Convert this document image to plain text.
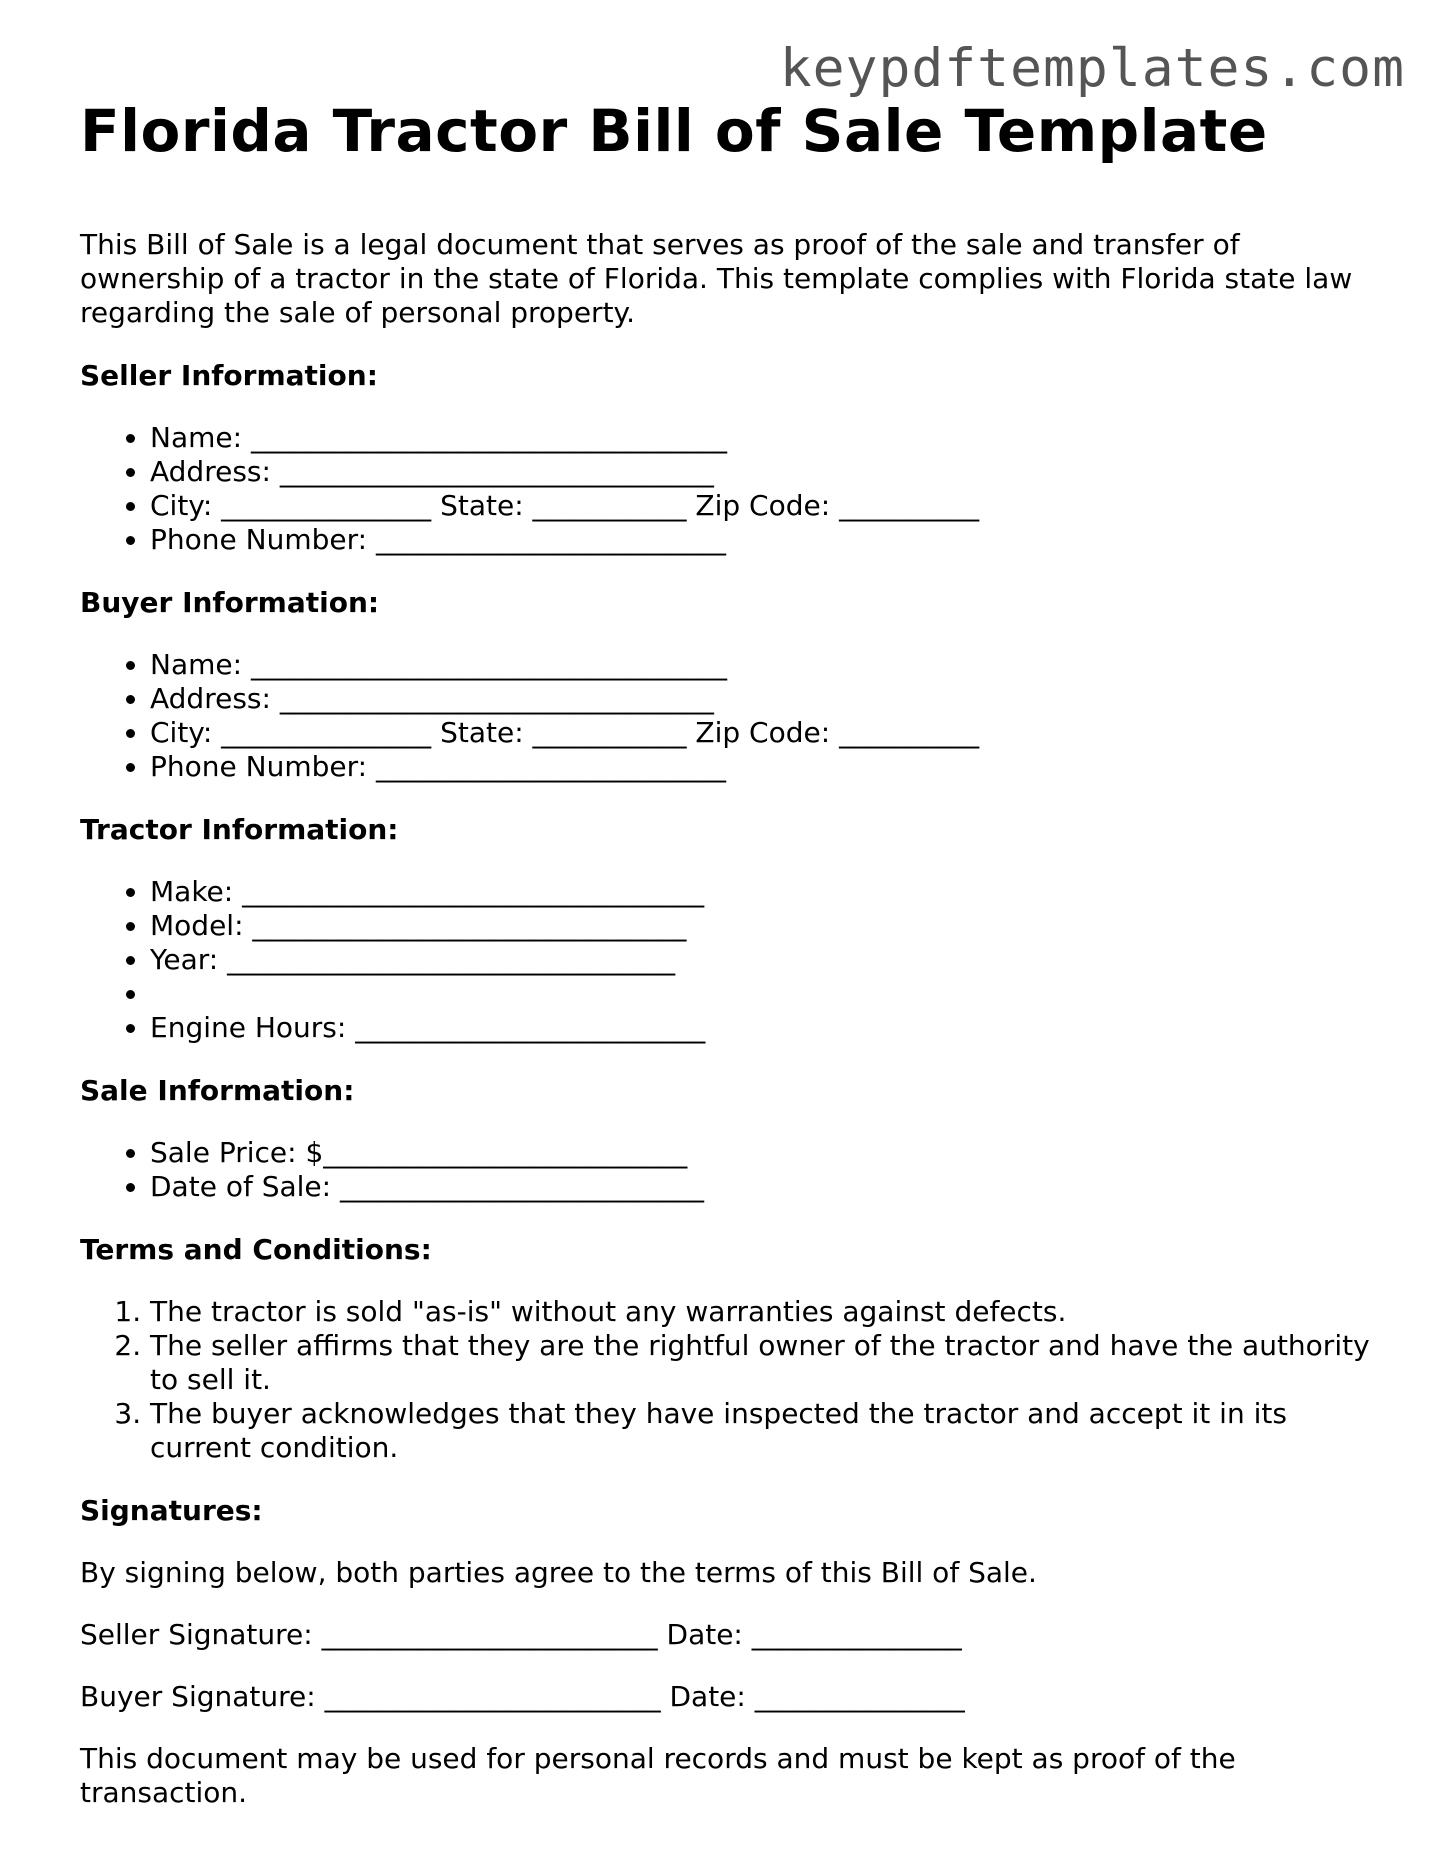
keypdftemplates.com
Florida Tractor Bill of Sale Template

This Bill of Sale is a legal document that serves as proof of the sale and transfer of ownership of a tractor in the state of Florida. This template complies with Florida state law regarding the sale of personal property.

Seller Information:
• Name: __________________________________
• Address: _______________________________
• City: _______________ State: ___________ Zip Code: __________
• Phone Number: _________________________
Buyer Information:
• Name: __________________________________
• Address: _______________________________
• City: _______________ State: ___________ Zip Code: __________
• Phone Number: _________________________
Tractor Information:
• Make: _________________________________
• Model: _______________________________
• Year: ________________________________
•
• Engine Hours: _________________________
Sale Information:
• Sale Price: $__________________________
• Date of Sale: __________________________
Terms and Conditions:
1. The tractor is sold "as-is" without any warranties against defects.
2. The seller affirms that they are the rightful owner of the tractor and have the authority to sell it.
3. The buyer acknowledges that they have inspected the tractor and accept it in its current condition.
Signatures:

By signing below, both parties agree to the terms of this Bill of Sale.

Seller Signature: ________________________ Date: _______________

Buyer Signature: ________________________ Date: _______________

This document may be used for personal records and must be kept as proof of the transaction.
